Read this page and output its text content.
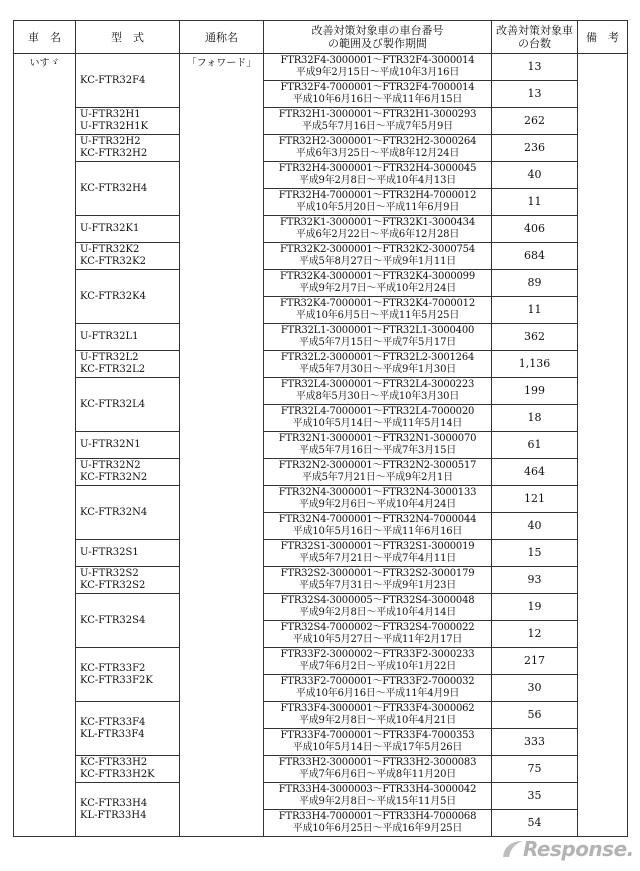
車　名	型　式	通称名	改善対策対象車の車台番号
の範囲及び製作期間	改善対策対象車
の台数	備　考
いすゞ	KC-FTR32F4	「フォワード」	FTR32F4-3000001～FTR32F4-3000014
平成9年2月15日～平成10年3月16日	13	

			FTR32F4-7000001～FTR32F4-7000014
平成10年6月16日～平成11年6月15日	13	

	U-FTR32H1
U-FTR32H1K		FTR32H1-3000001～FTR32H1-3000293
平成5年7月16日～平成7年5月9日	262	

	U-FTR32H2
KC-FTR32H2		FTR32H2-3000001～FTR32H2-3000264
平成6年3月25日～平成8年12月24日	236	

	KC-FTR32H4		FTR32H4-3000001～FTR32H4-3000045
平成9年2月8日～平成10年4月13日	40	

			FTR32H4-7000001～FTR32H4-7000012
平成10年5月20日～平成11年6月9日	11	

	U-FTR32K1		FTR32K1-3000001～FTR32K1-3000434
平成6年2月22日～平成6年12月28日	406	

	U-FTR32K2
KC-FTR32K2		FTR32K2-3000001～FTR32K2-3000754
平成5年8月27日～平成9年1月11日	684	

	KC-FTR32K4		FTR32K4-3000001～FTR32K4-3000099
平成9年2月7日～平成10年2月24日	89	

			FTR32K4-7000001～FTR32K4-7000012
平成10年6月5日～平成11年5月25日	11	

	U-FTR32L1		FTR32L1-3000001～FTR32L1-3000400
平成5年7月15日～平成7年5月17日	362	

	U-FTR32L2
KC-FTR32L2		FTR32L2-3000001～FTR32L2-3001264
平成5年7月30日～平成9年1月30日	1,136	

	KC-FTR32L4		FTR32L4-3000001～FTR32L4-3000223
平成8年5月30日～平成10年3月30日	199	

			FTR32L4-7000001～FTR32L4-7000020
平成10年5月14日～平成11年5月14日	18	

	U-FTR32N1		FTR32N1-3000001～FTR32N1-3000070
平成5年7月16日～平成7年3月15日	61	

	U-FTR32N2
KC-FTR32N2		FTR32N2-3000001～FTR32N2-3000517
平成5年7月21日～平成9年2月1日	464	

	KC-FTR32N4		FTR32N4-3000001～FTR32N4-3000133
平成9年2月6日～平成10年4月24日	121	

			FTR32N4-7000001～FTR32N4-7000044
平成10年5月16日～平成11年6月16日	40	

	U-FTR32S1		FTR32S1-3000001～FTR32S1-3000019
平成5年7月21日～平成7年4月11日	15	

	U-FTR32S2
KC-FTR32S2		FTR32S2-3000001～FTR32S2-3000179
平成5年7月31日～平成9年1月23日	93	

	KC-FTR32S4		FTR32S4-3000005～FTR32S4-3000048
平成9年2月8日～平成10年4月14日	19	

			FTR32S4-7000002～FTR32S4-7000022
平成10年5月27日～平成11年2月17日	12	

	KC-FTR33F2
KC-FTR33F2K		FTR33F2-3000002～FTR33F2-3000233
平成7年6月2日～平成10年1月22日	217	

			FTR33F2-7000001～FTR33F2-7000032
平成10年6月16日～平成11年4月9日	30	

	KC-FTR33F4
KL-FTR33F4		FTR33F4-3000001～FTR33F4-3000062
平成9年2月8日～平成10年4月21日	56	

			FTR33F4-7000001～FTR33F4-7000353
平成10年5月14日～平成17年5月26日	333	

	KC-FTR33H2
KC-FTR33H2K		FTR33H2-3000001～FTR33H2-3000083
平成7年6月6日～平成8年11月20日	75	

	KC-FTR33H4
KL-FTR33H4		FTR33H4-3000003～FTR33H4-3000042
平成9年2月8日～平成15年11月5日	35	

			FTR33H4-7000001～FTR33H4-7000068
平成10年6月25日～平成16年9月25日	54	
Response.
